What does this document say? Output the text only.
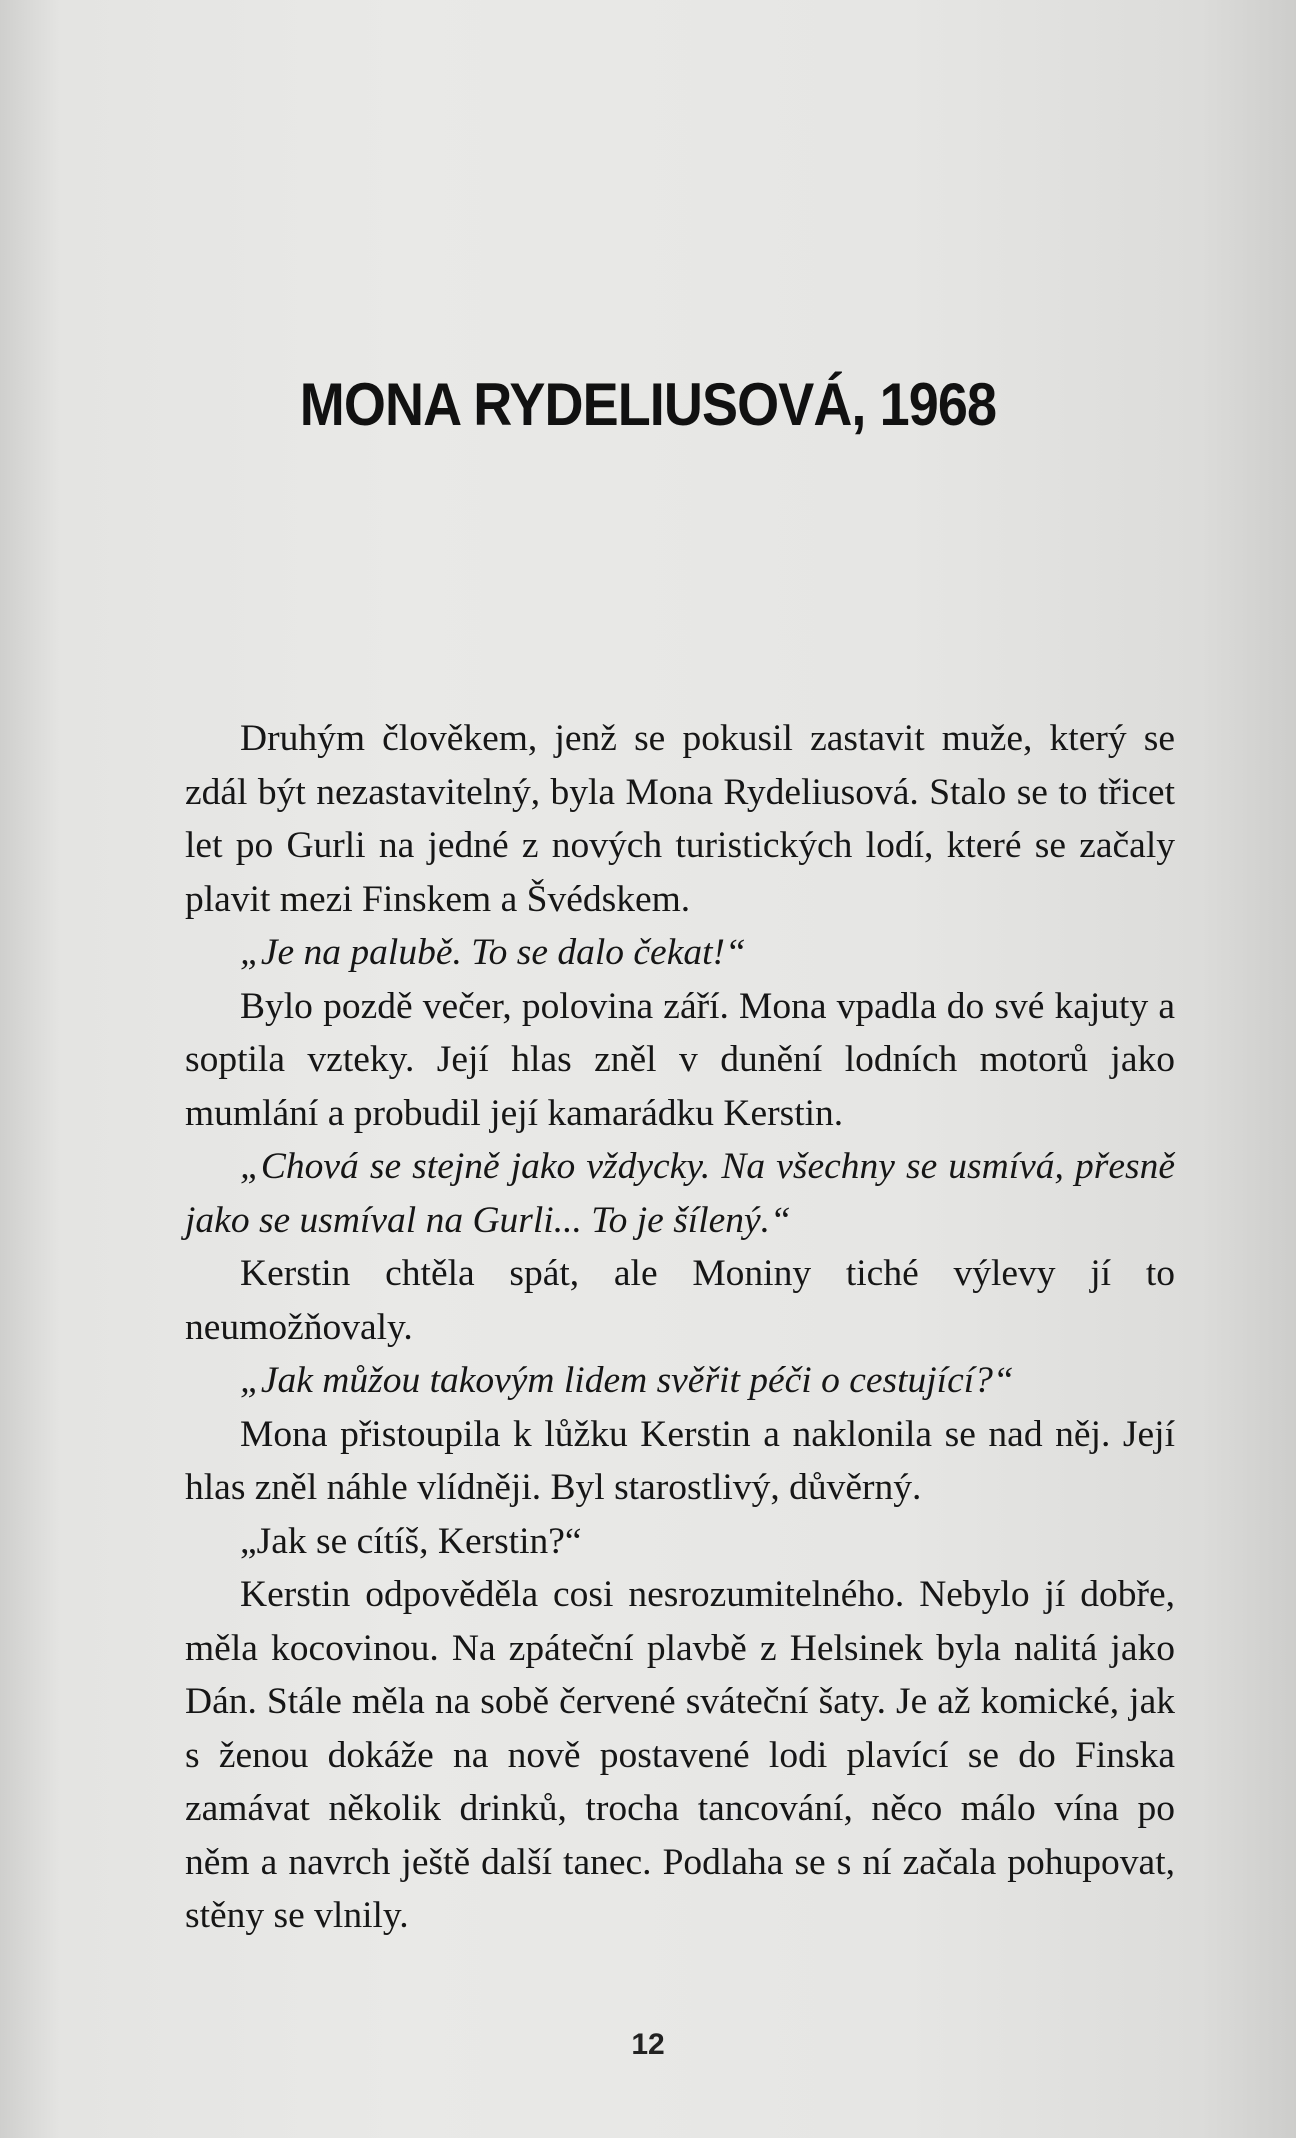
MONA RYDELIUSOVÁ, 1968

Druhým člověkem, jenž se pokusil zastavit muže, který se zdál být nezastavitelný, byla Mona Rydeliusová. Stalo se to třicet let po Gurli na jedné z nových turistických lodí, které se začaly plavit mezi Finskem a Švédskem.

„Je na palubě. To se dalo čekat!“

Bylo pozdě večer, polovina září. Mona vpadla do své kajuty a soptila vzteky. Její hlas zněl v dunění lodních motorů jako mumlání a probudil její kamarádku Kerstin.

„Chová se stejně jako vždycky. Na všechny se usmívá, přesně jako se usmíval na Gurli... To je šílený.“

Kerstin chtěla spát, ale Moniny tiché výlevy jí to neumožňovaly.

„Jak můžou takovým lidem svěřit péči o cestující?“

Mona přistoupila k lůžku Kerstin a naklonila se nad něj. Její hlas zněl náhle vlídněji. Byl starostlivý, důvěrný.

„Jak se cítíš, Kerstin?“

Kerstin odpověděla cosi nesrozumitelného. Nebylo jí dobře, měla kocovinou. Na zpáteční plavbě z Helsinek byla nalitá jako Dán. Stále měla na sobě červené sváteční šaty. Je až komické, jak s ženou dokáže na nově postavené lodi plavící se do Finska zamávat několik drinků, trocha tancování, něco málo vína po něm a navrch ještě další tanec. Podlaha se s ní začala pohupovat, stěny se vlnily.

12
